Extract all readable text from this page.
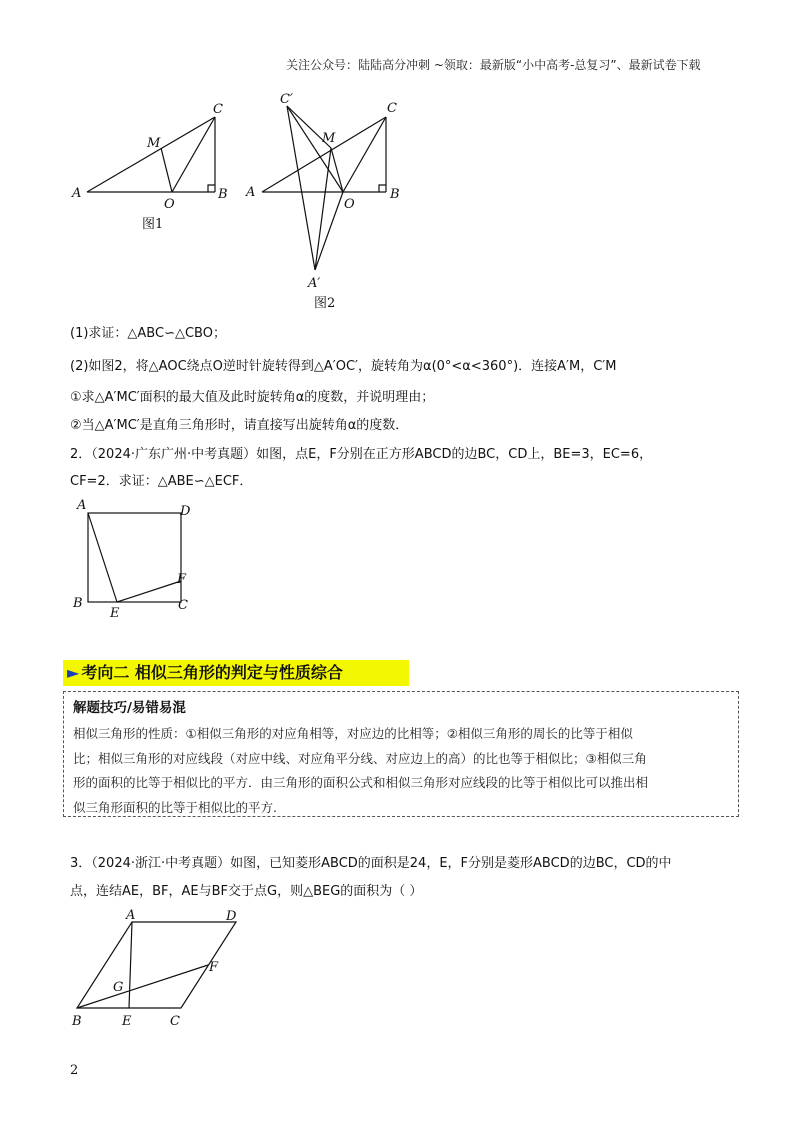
关注公众号：陆陆高分冲刺 ~领取：最新版“小中高考-总复习”、最新试卷下载
A	B
C
M
O
图1
C′
C
M
A
O
B
A′
图2
(1)求证：△ABC∽△CBO；
(2)如图2，将△AOC绕点O逆时针旋转得到△A′OC′，旋转角为α(0°<α<360°)．连接A′M，C′M
①求△A′MC′面积的最大值及此时旋转角α的度数，并说明理由；
②当△A′MC′是直角三角形时，请直接写出旋转角α的度数．
2．（2024·广东广州·中考真题）如图，点E，F分别在正方形ABCD的边BC，CD上，BE=3，EC=6，
CF=2．求证：△ABE∽△ECF．
A	D
F
B
E
C
► 考向二 相似三角形的判定与性质综合
解题技巧/易错易混
相似三角形的性质：①相似三角形的对应角相等，对应边的比相等；②相似三角形的周长的比等于相似
比；相似三角形的对应线段（对应中线、对应角平分线、对应边上的高）的比也等于相似比；③相似三角
形的面积的比等于相似比的平方．由三角形的面积公式和相似三角形对应线段的比等于相似比可以推出相
似三角形面积的比等于相似比的平方.
3．（2024·浙江·中考真题）如图，已知菱形ABCD的面积是24，E，F分别是菱形ABCD的边BC，CD的中
点，连结AE，BF，AE与BF交于点G，则△BEG的面积为（ ）
A	D
F
G
B	E	C
2
